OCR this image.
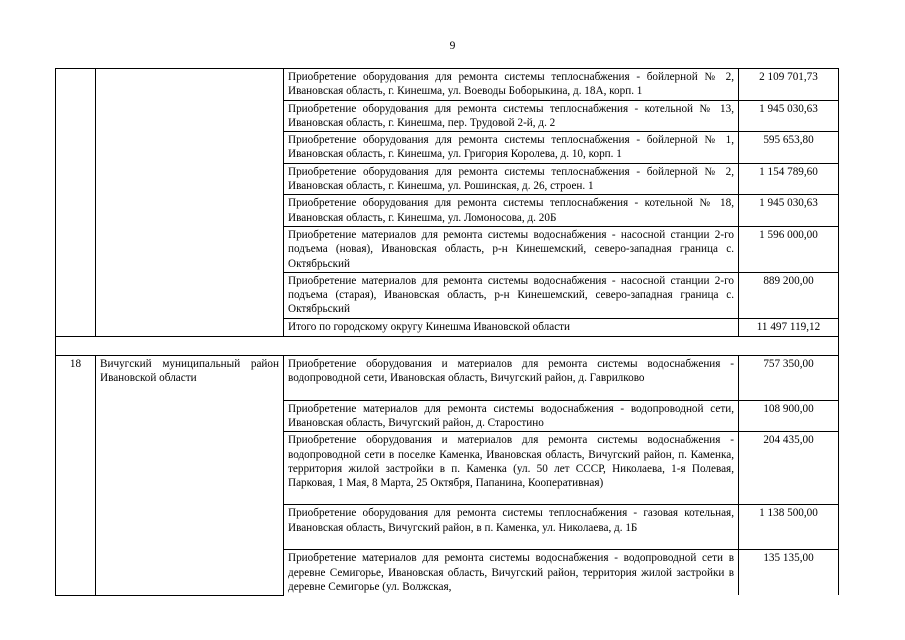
9
		Приобретение оборудования для ремонта системы теплоснабжения - бойлерной № 2, Ивановская область, г. Кинешма, ул. Воеводы Боборыкина, д. 18А, корп. 1	2 109 701,73
		Приобретение оборудования для ремонта системы теплоснабжения - котельной № 13, Ивановская область, г. Кинешма, пер. Трудовой 2-й, д. 2	1 945 030,63
		Приобретение оборудования для ремонта системы теплоснабжения - бойлерной № 1, Ивановская область, г. Кинешма, ул. Григория Королева, д. 10, корп. 1	595 653,80
		Приобретение оборудования для ремонта системы теплоснабжения - бойлерной № 2, Ивановская область, г. Кинешма, ул. Рошинская, д. 26, строен. 1	1 154 789,60
		Приобретение оборудования для ремонта системы теплоснабжения - котельной № 18, Ивановская область, г. Кинешма, ул. Ломоносова, д. 20Б	1 945 030,63
		Приобретение материалов для ремонта системы водоснабжения - насосной станции 2-го подъема (новая), Ивановская область, р-н Кинешемский, северо-западная граница с. Октябрьский	1 596 000,00
		Приобретение материалов для ремонта системы водоснабжения - насосной станции 2-го подъема (старая), Ивановская область, р-н Кинешемский, северо-западная граница с. Октябрьский	889 200,00
		Итого по городскому округу Кинешма Ивановской области	11 497 119,12

18	Вичугский муниципальный район Ивановской области	Приобретение оборудования и материалов для ремонта системы водоснабжения - водопроводной сети, Ивановская область, Вичугский район, д. Гаврилково	757 350,00
		Приобретение материалов для ремонта системы водоснабжения - водопроводной сети, Ивановская область, Вичугский район, д. Старостино	108 900,00
		Приобретение оборудования и материалов для ремонта системы водоснабжения - водопроводной сети в поселке Каменка, Ивановская область, Вичугский район, п. Каменка, территория жилой застройки в п. Каменка (ул. 50 лет СССР, Николаева, 1-я Полевая, Парковая, 1 Мая, 8 Марта, 25 Октября, Папанина, Кооперативная)	204 435,00
		Приобретение оборудования для ремонта системы теплоснабжения - газовая котельная, Ивановская область, Вичугский район, в п. Каменка, ул. Николаева, д. 1Б	1 138 500,00
		Приобретение материалов для ремонта системы водоснабжения - водопроводной сети в деревне Семигорье, Ивановская область, Вичугский район, территория жилой застройки в деревне Семигорье (ул. Волжская,	135 135,00
